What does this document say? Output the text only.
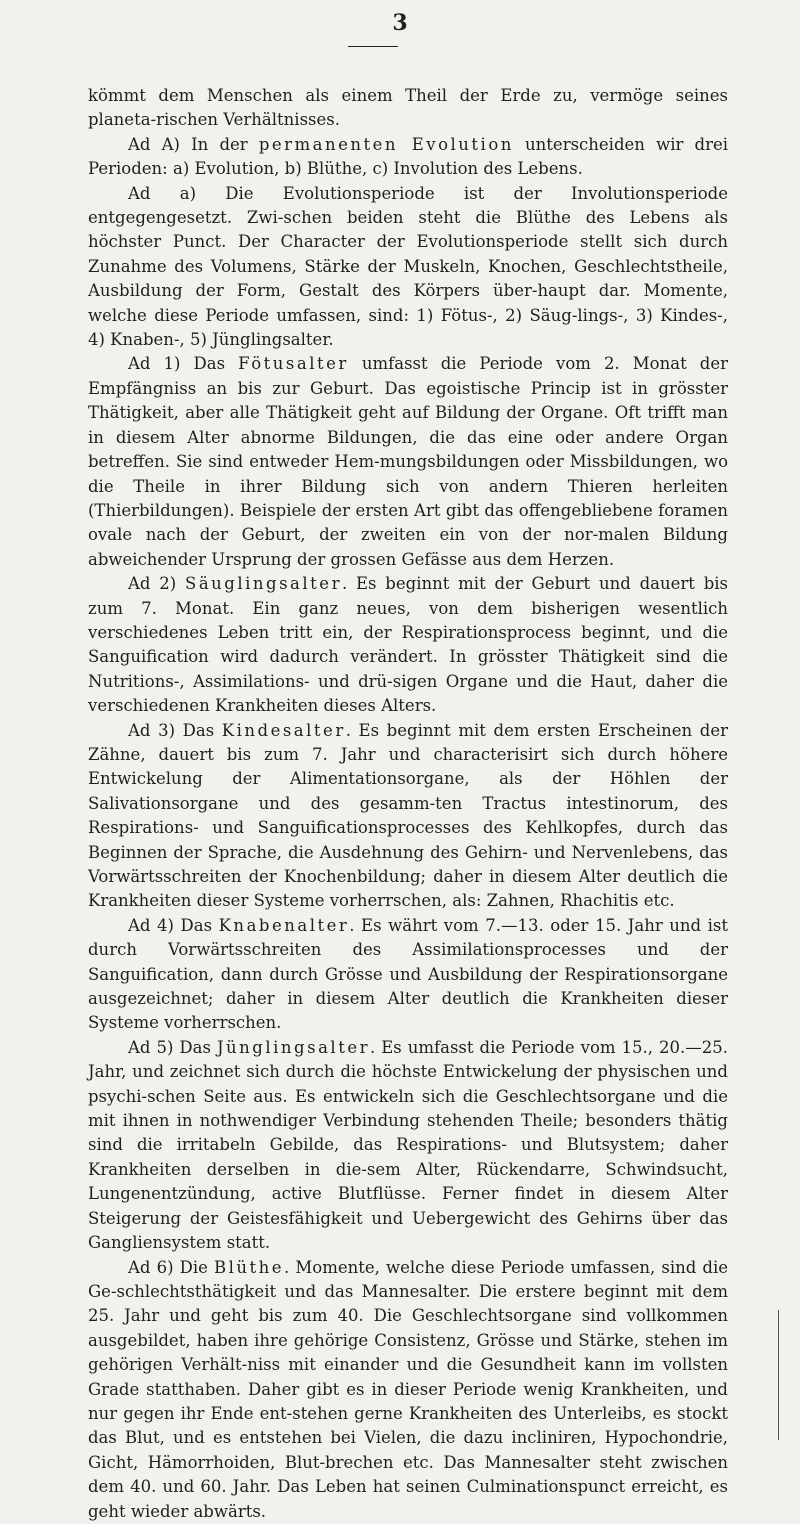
3

kömmt dem Menschen als einem Theil der Erde zu, vermöge seines planeta-rischen Verhältnisses.

Ad A) In der permanenten Evolution unterscheiden wir drei Perioden: a) Evolution, b) Blüthe, c) Involution des Lebens.

Ad a) Die Evolutionsperiode ist der Involutionsperiode entgegengesetzt. Zwi-schen beiden steht die Blüthe des Lebens als höchster Punct. Der Character der Evolutionsperiode stellt sich durch Zunahme des Volumens, Stärke der Muskeln, Knochen, Geschlechtstheile, Ausbildung der Form, Gestalt des Körpers über-haupt dar. Momente, welche diese Periode umfassen, sind: 1) Fötus-, 2) Säug-lings-, 3) Kindes-, 4) Knaben-, 5) Jünglingsalter.

Ad 1) Das Fötusalter umfasst die Periode vom 2. Monat der Empfängniss an bis zur Geburt. Das egoistische Princip ist in grösster Thätigkeit, aber alle Thätigkeit geht auf Bildung der Organe. Oft trifft man in diesem Alter abnorme Bildungen, die das eine oder andere Organ betreffen. Sie sind entweder Hem-mungsbildungen oder Missbildungen, wo die Theile in ihrer Bildung sich von andern Thieren herleiten (Thierbildungen). Beispiele der ersten Art gibt das offengebliebene foramen ovale nach der Geburt, der zweiten ein von der nor-malen Bildung abweichender Ursprung der grossen Gefässe aus dem Herzen.

Ad 2) Säuglingsalter. Es beginnt mit der Geburt und dauert bis zum 7. Monat. Ein ganz neues, von dem bisherigen wesentlich verschiedenes Leben tritt ein, der Respirationsprocess beginnt, und die Sanguification wird dadurch verändert. In grösster Thätigkeit sind die Nutritions-, Assimilations- und drü-sigen Organe und die Haut, daher die verschiedenen Krankheiten dieses Alters.

Ad 3) Das Kindesalter. Es beginnt mit dem ersten Erscheinen der Zähne, dauert bis zum 7. Jahr und characterisirt sich durch höhere Entwickelung der Alimentationsorgane, als der Höhlen der Salivationsorgane und des gesamm-ten Tractus intestinorum, des Respirations- und Sanguificationsprocesses des Kehlkopfes, durch das Beginnen der Sprache, die Ausdehnung des Gehirn- und Nervenlebens, das Vorwärtsschreiten der Knochenbildung; daher in diesem Alter deutlich die Krankheiten dieser Systeme vorherrschen, als: Zahnen, Rhachitis etc.

Ad 4) Das Knabenalter. Es währt vom 7.—13. oder 15. Jahr und ist durch Vorwärtsschreiten des Assimilationsprocesses und der Sanguification, dann durch Grösse und Ausbildung der Respirationsorgane ausgezeichnet; daher in diesem Alter deutlich die Krankheiten dieser Systeme vorherrschen.

Ad 5) Das Jünglingsalter. Es umfasst die Periode vom 15., 20.—25. Jahr, und zeichnet sich durch die höchste Entwickelung der physischen und psychi-schen Seite aus. Es entwickeln sich die Geschlechtsorgane und die mit ihnen in nothwendiger Verbindung stehenden Theile; besonders thätig sind die irritabeln Gebilde, das Respirations- und Blutsystem; daher Krankheiten derselben in die-sem Alter, Rückendarre, Schwindsucht, Lungenentzündung, active Blutflüsse. Ferner findet in diesem Alter Steigerung der Geistesfähigkeit und Uebergewicht des Gehirns über das Gangliensystem statt.

Ad 6) Die Blüthe. Momente, welche diese Periode umfassen, sind die Ge-schlechtsthätigkeit und das Mannesalter. Die erstere beginnt mit dem 25. Jahr und geht bis zum 40. Die Geschlechtsorgane sind vollkommen ausgebildet, haben ihre gehörige Consistenz, Grösse und Stärke, stehen im gehörigen Verhält-niss mit einander und die Gesundheit kann im vollsten Grade statthaben. Daher gibt es in dieser Periode wenig Krankheiten, und nur gegen ihr Ende ent-stehen gerne Krankheiten des Unterleibs, es stockt das Blut, und es entstehen bei Vielen, die dazu incliniren, Hypochondrie, Gicht, Hämorrhoiden, Blut-brechen etc. Das Mannesalter steht zwischen dem 40. und 60. Jahr. Das Leben hat seinen Culminationspunct erreicht, es geht wieder abwärts.
